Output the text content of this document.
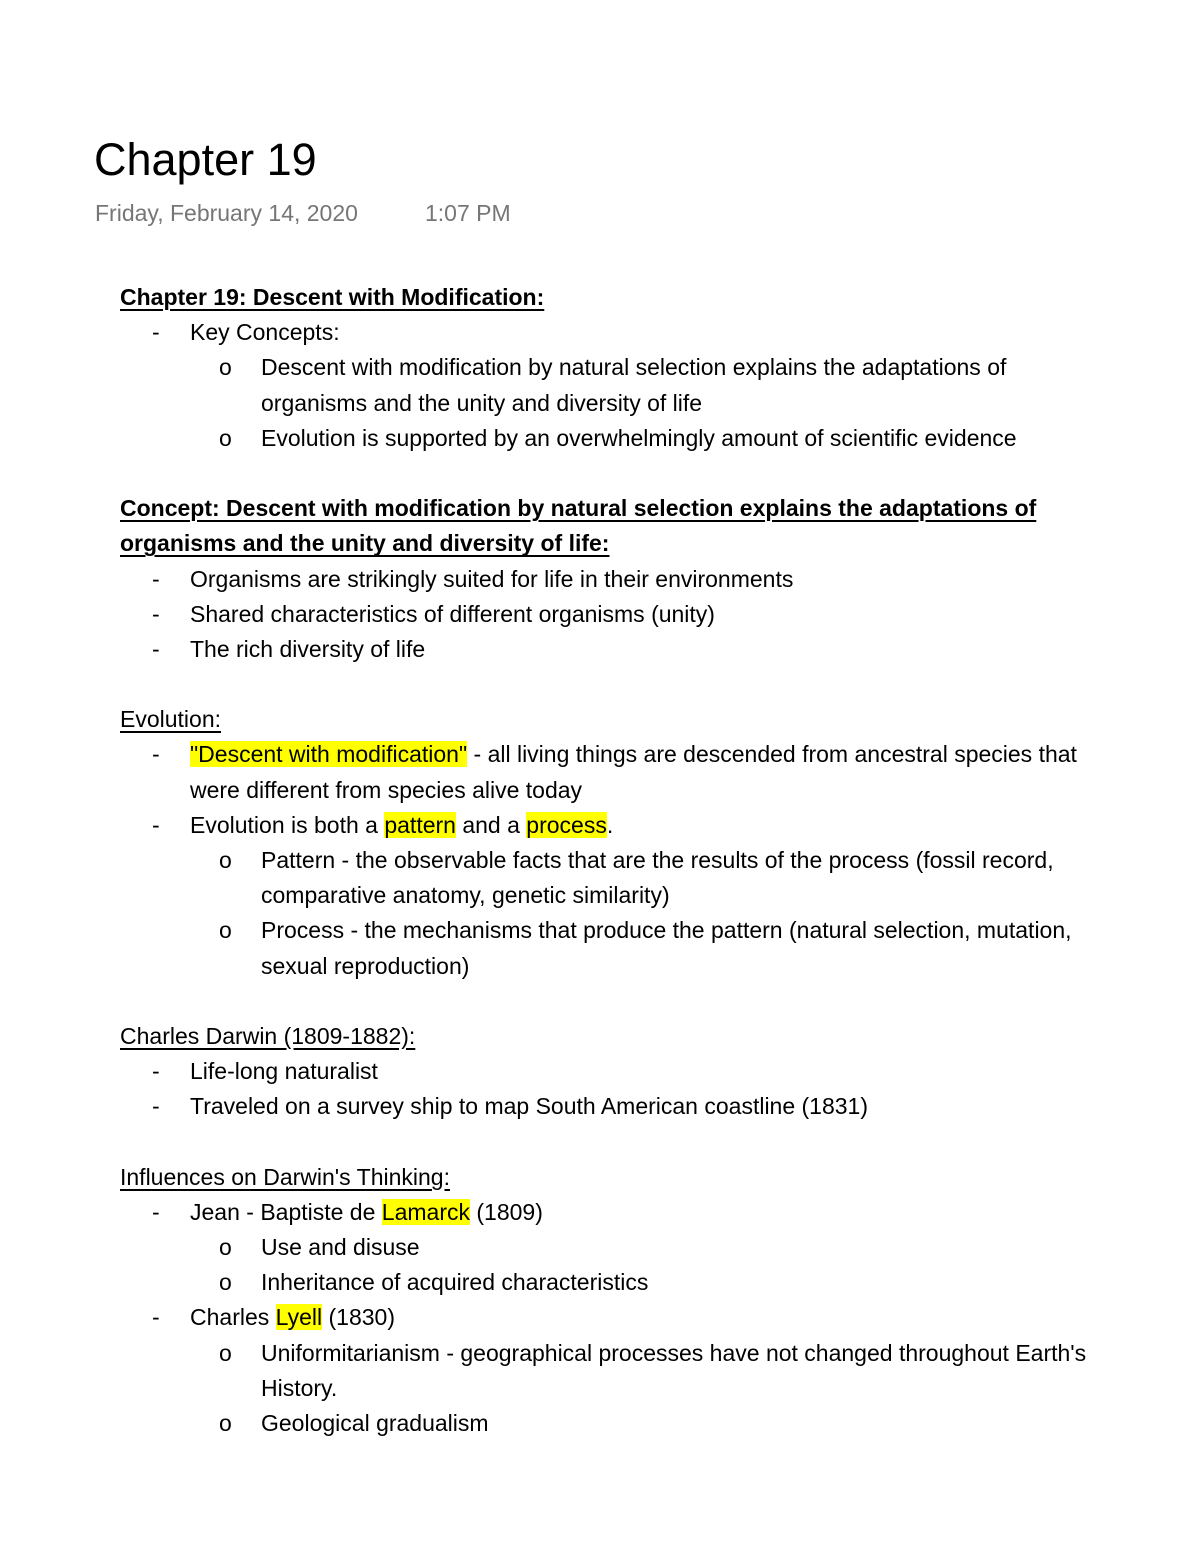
Chapter 19
Friday, February 14, 2020	1:07 PM
Chapter 19: Descent with Modification:
- Key Concepts:
o Descent with modification by natural selection explains the adaptations of
organisms and the unity and diversity of life
o Evolution is supported by an overwhelmingly amount of scientific evidence
Concept: Descent with modification by natural selection explains the adaptations of
organisms and the unity and diversity of life:
- Organisms are strikingly suited for life in their environments
- Shared characteristics of different organisms (unity)
- The rich diversity of life
Evolution:
- "Descent with modification" - all living things are descended from ancestral species that
were different from species alive today
- Evolution is both a pattern and a process.
o Pattern - the observable facts that are the results of the process (fossil record,
comparative anatomy, genetic similarity)
o Process - the mechanisms that produce the pattern (natural selection, mutation,
sexual reproduction)
Charles Darwin (1809-1882):
- Life-long naturalist
- Traveled on a survey ship to map South American coastline (1831)
Influences on Darwin's Thinking:
- Jean - Baptiste de Lamarck (1809)
o Use and disuse
o Inheritance of acquired characteristics
- Charles Lyell (1830)
o Uniformitarianism - geographical processes have not changed throughout Earth's
History.
o Geological gradualism
